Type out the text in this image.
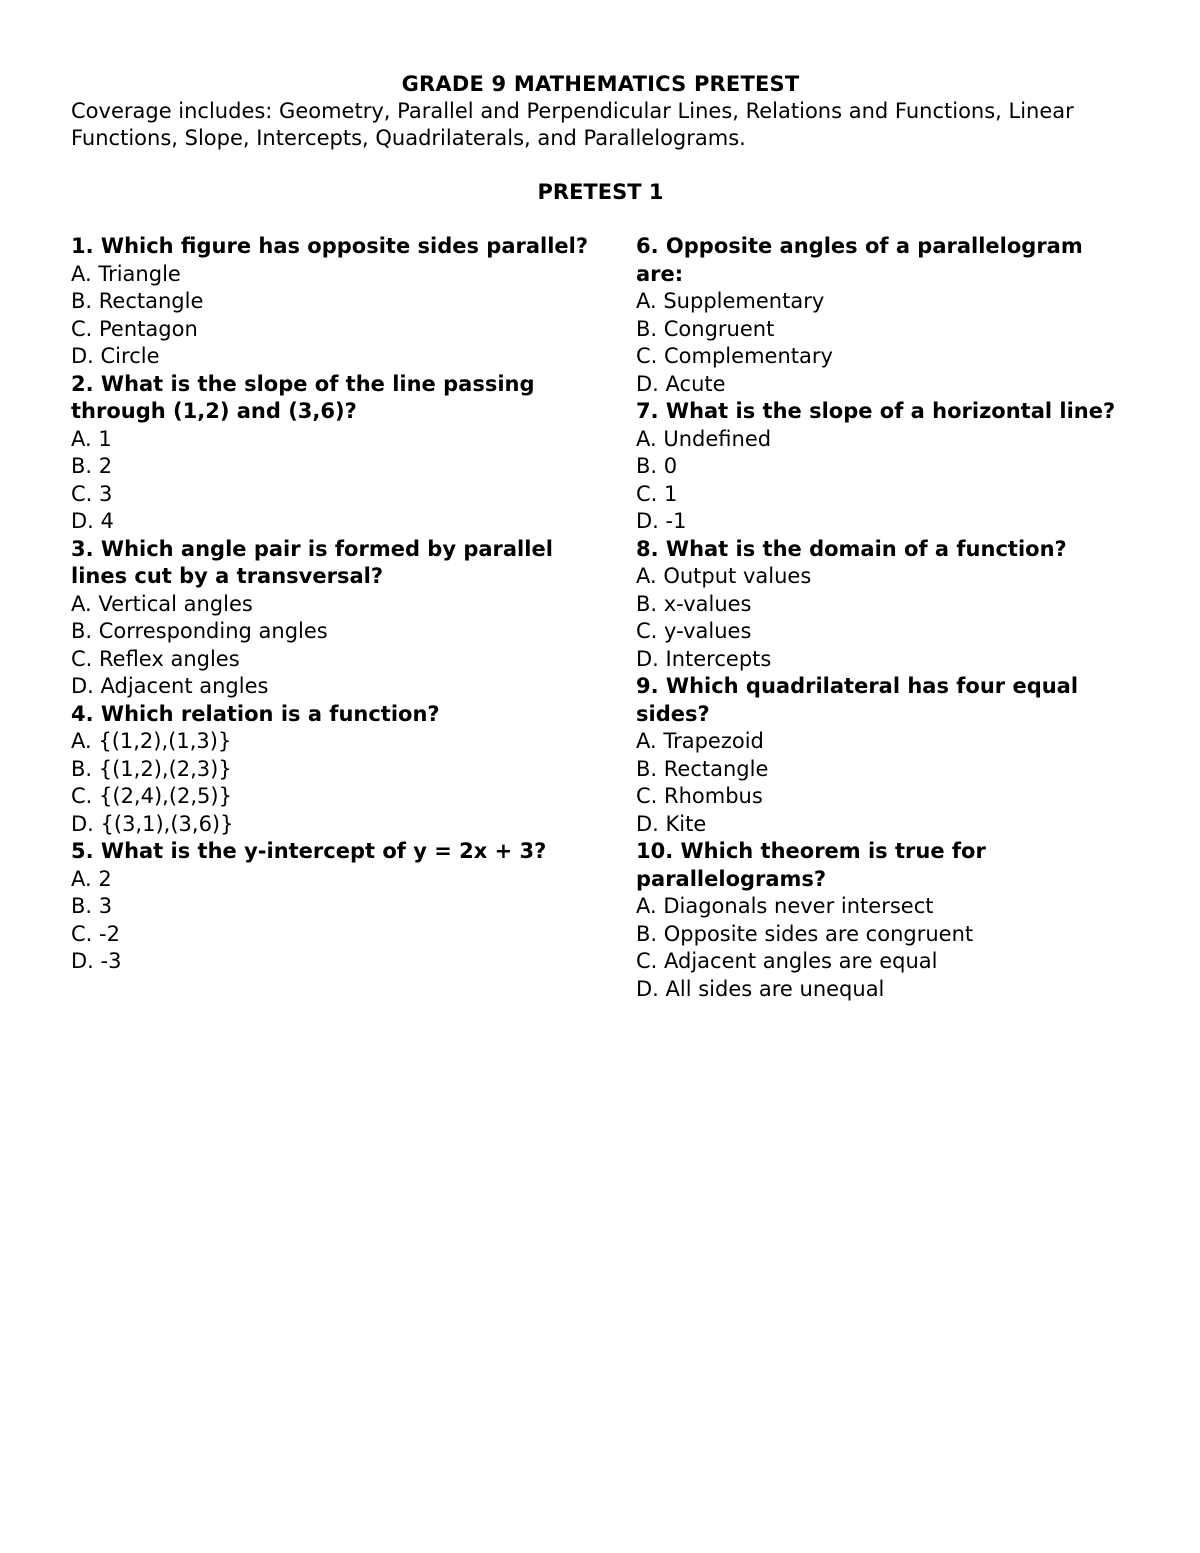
GRADE 9 MATHEMATICS PRETEST

Coverage includes: Geometry, Parallel and Perpendicular Lines, Relations and Functions, Linear Functions, Slope, Intercepts, Quadrilaterals, and Parallelograms.

PRETEST 1

1. Which figure has opposite sides parallel?

A. Triangle

B. Rectangle

C. Pentagon

D. Circle

2. What is the slope of the line passing through (1,2) and (3,6)?

A. 1

B. 2

C. 3

D. 4

3. Which angle pair is formed by parallel lines cut by a transversal?

A. Vertical angles

B. Corresponding angles

C. Reflex angles

D. Adjacent angles

4. Which relation is a function?

A. {(1,2),(1,3)}

B. {(1,2),(2,3)}

C. {(2,4),(2,5)}

D. {(3,1),(3,6)}

5. What is the y-intercept of y = 2x + 3?

A. 2

B. 3

C. -2

D. -3

6. Opposite angles of a parallelogram are:

A. Supplementary

B. Congruent

C. Complementary

D. Acute

7. What is the slope of a horizontal line?

A. Undefined

B. 0

C. 1

D. -1

8. What is the domain of a function?

A. Output values

B. x-values

C. y-values

D. Intercepts

9. Which quadrilateral has four equal sides?

A. Trapezoid

B. Rectangle

C. Rhombus

D. Kite

10. Which theorem is true for parallelograms?

A. Diagonals never intersect

B. Opposite sides are congruent

C. Adjacent angles are equal

D. All sides are unequal
